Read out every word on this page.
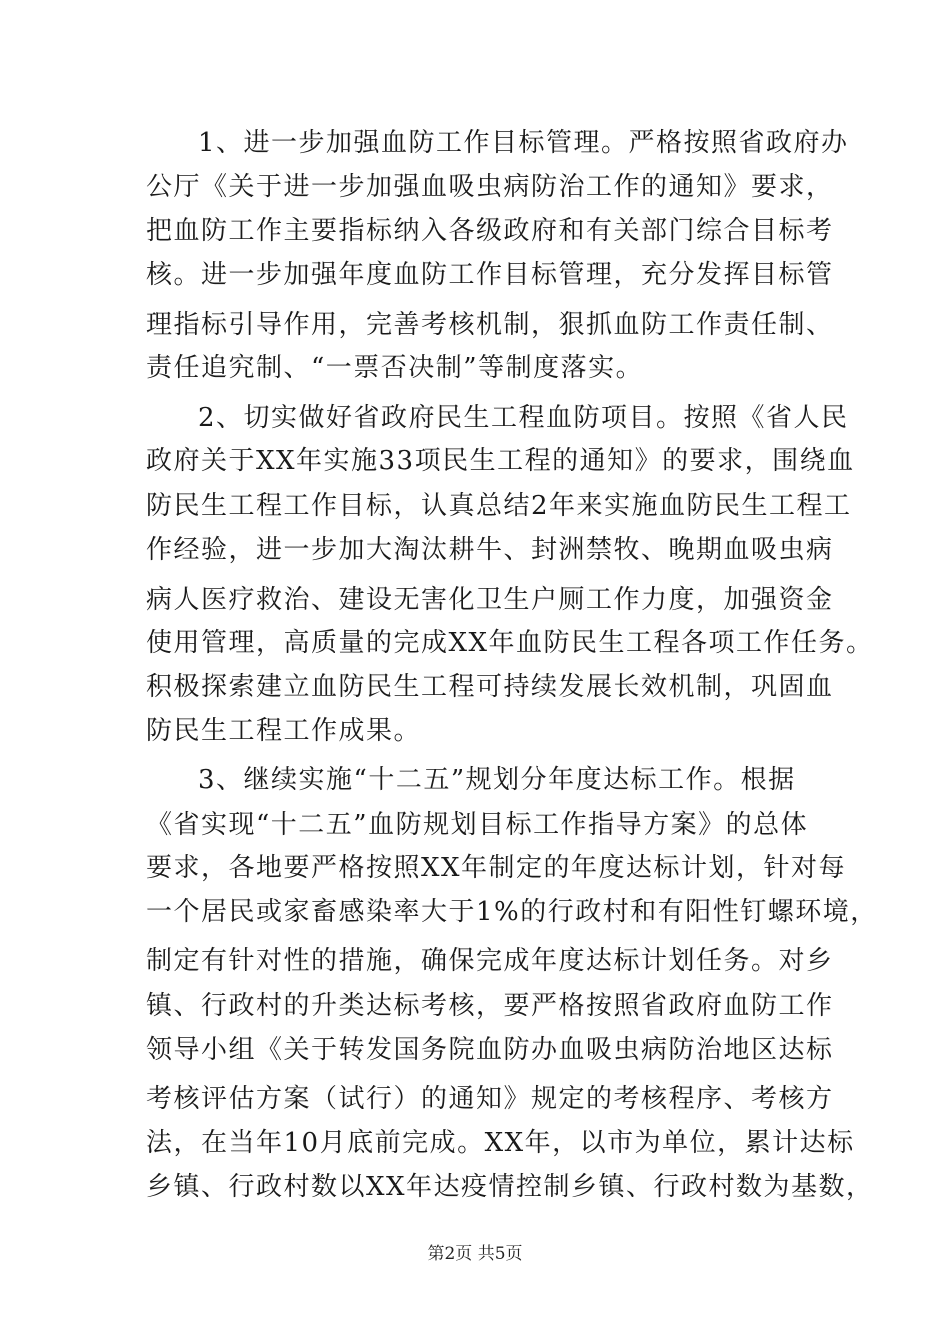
1、进一步加强血防工作目标管理。严格按照省政府办
公厅《关于进一步加强血吸虫病防治工作的通知》要求，
把血防工作主要指标纳入各级政府和有关部门综合目标考
核。进一步加强年度血防工作目标管理，充分发挥目标管
理指标引导作用，完善考核机制，狠抓血防工作责任制、
责任追究制、“一票否决制”等制度落实。
2、切实做好省政府民生工程血防项目。按照《省人民
政府关于XX年实施33项民生工程的通知》的要求，围绕血
防民生工程工作目标，认真总结2年来实施血防民生工程工
作经验，进一步加大淘汰耕牛、封洲禁牧、晚期血吸虫病
病人医疗救治、建设无害化卫生户厕工作力度，加强资金
使用管理，高质量的完成XX年血防民生工程各项工作任务。
积极探索建立血防民生工程可持续发展长效机制，巩固血
防民生工程工作成果。
3、继续实施“十二五”规划分年度达标工作。根据
《省实现“十二五”血防规划目标工作指导方案》的总体
要求，各地要严格按照XX年制定的年度达标计划，针对每
一个居民或家畜感染率大于1%的行政村和有阳性钉螺环境，
制定有针对性的措施，确保完成年度达标计划任务。对乡
镇、行政村的升类达标考核，要严格按照省政府血防工作
领导小组《关于转发国务院血防办血吸虫病防治地区达标
考核评估方案（试行）的通知》规定的考核程序、考核方
法，在当年10月底前完成。XX年，以市为单位，累计达标
乡镇、行政村数以XX年达疫情控制乡镇、行政村数为基数，
第2页 共5页
